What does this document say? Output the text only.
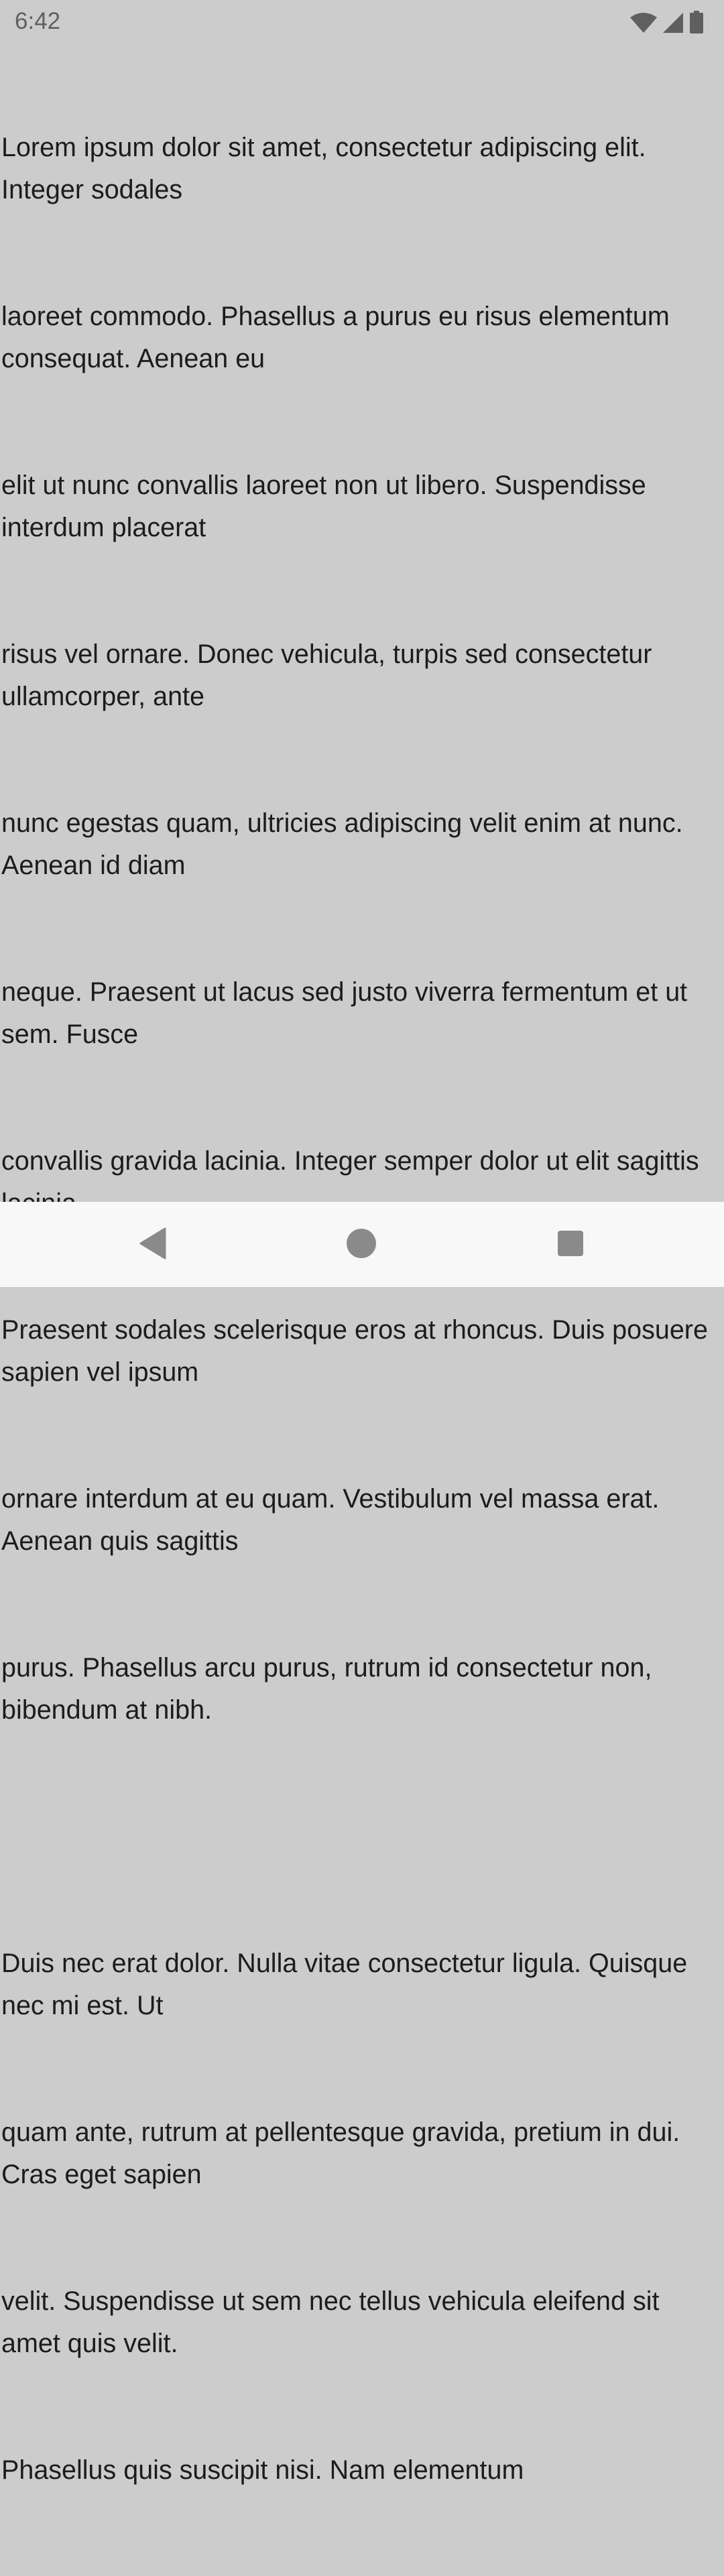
6:42

Lorem ipsum dolor sit amet, consectetur adipiscing elit. Integer sodales

laoreet commodo. Phasellus a purus eu risus elementum consequat. Aenean eu

elit ut nunc convallis laoreet non ut libero. Suspendisse interdum placerat

risus vel ornare. Donec vehicula, turpis sed consectetur ullamcorper, ante

nunc egestas quam, ultricies adipiscing velit enim at nunc. Aenean id diam

neque. Praesent ut lacus sed justo viverra fermentum et ut sem. Fusce

convallis gravida lacinia. Integer semper dolor ut elit sagittis

Praesent sodales scelerisque eros at rhoncus. Duis posuere sapien vel ipsum

ornare interdum at eu quam. Vestibulum vel massa erat. Aenean quis sagittis

purus. Phasellus arcu purus, rutrum id consectetur non, bibendum at nibh.

Duis nec erat dolor. Nulla vitae consectetur ligula. Quisque nec mi est. Ut

quam ante, rutrum at pellentesque gravida, pretium in dui. Cras eget sapien

velit. Suspendisse ut sem nec tellus vehicula eleifend sit amet quis velit.

Phasellus quis suscipit nisi. Nam elementum
